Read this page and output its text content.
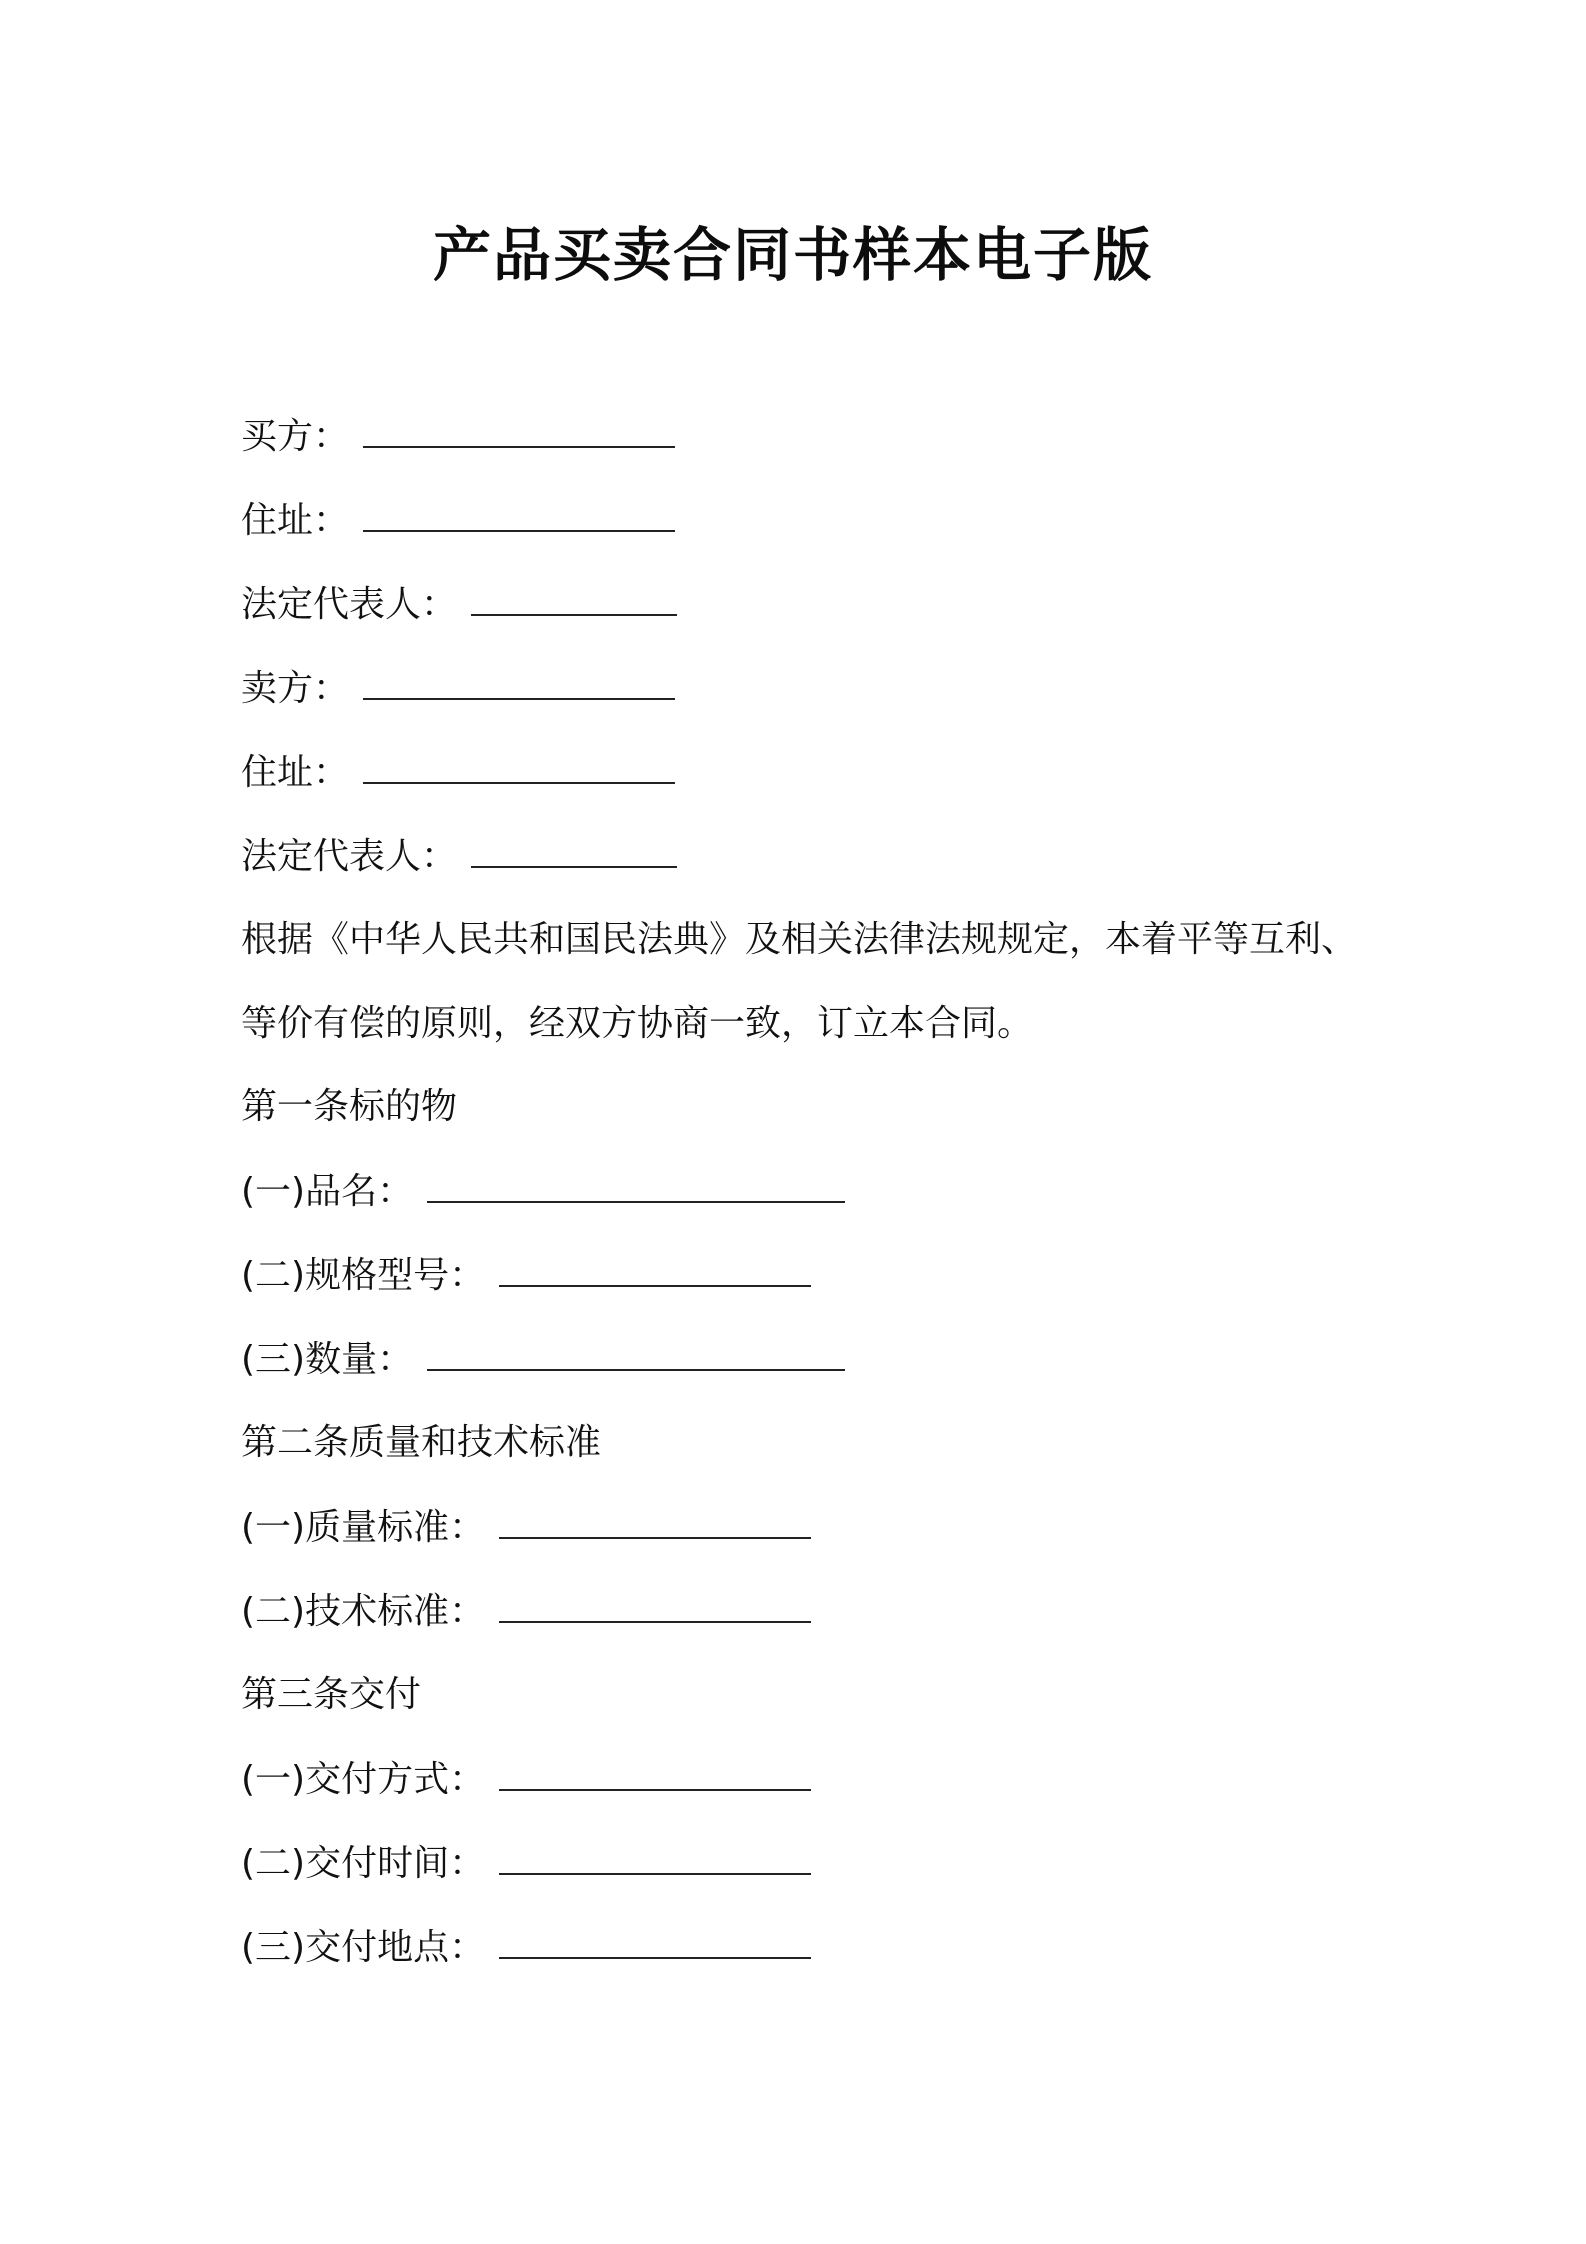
产品买卖合同书样本电子版
买方：
住址：
法定代表人：
卖方：
住址：
法定代表人：
根据《中华人民共和国民法典》及相关法律法规规定，本着平等互利、
等价有偿的原则，经双方协商一致，订立本合同。
第一条标的物
(一)品名：
(二)规格型号：
(三)数量：
第二条质量和技术标准
(一)质量标准：
(二)技术标准：
第三条交付
(一)交付方式：
(二)交付时间：
(三)交付地点：
